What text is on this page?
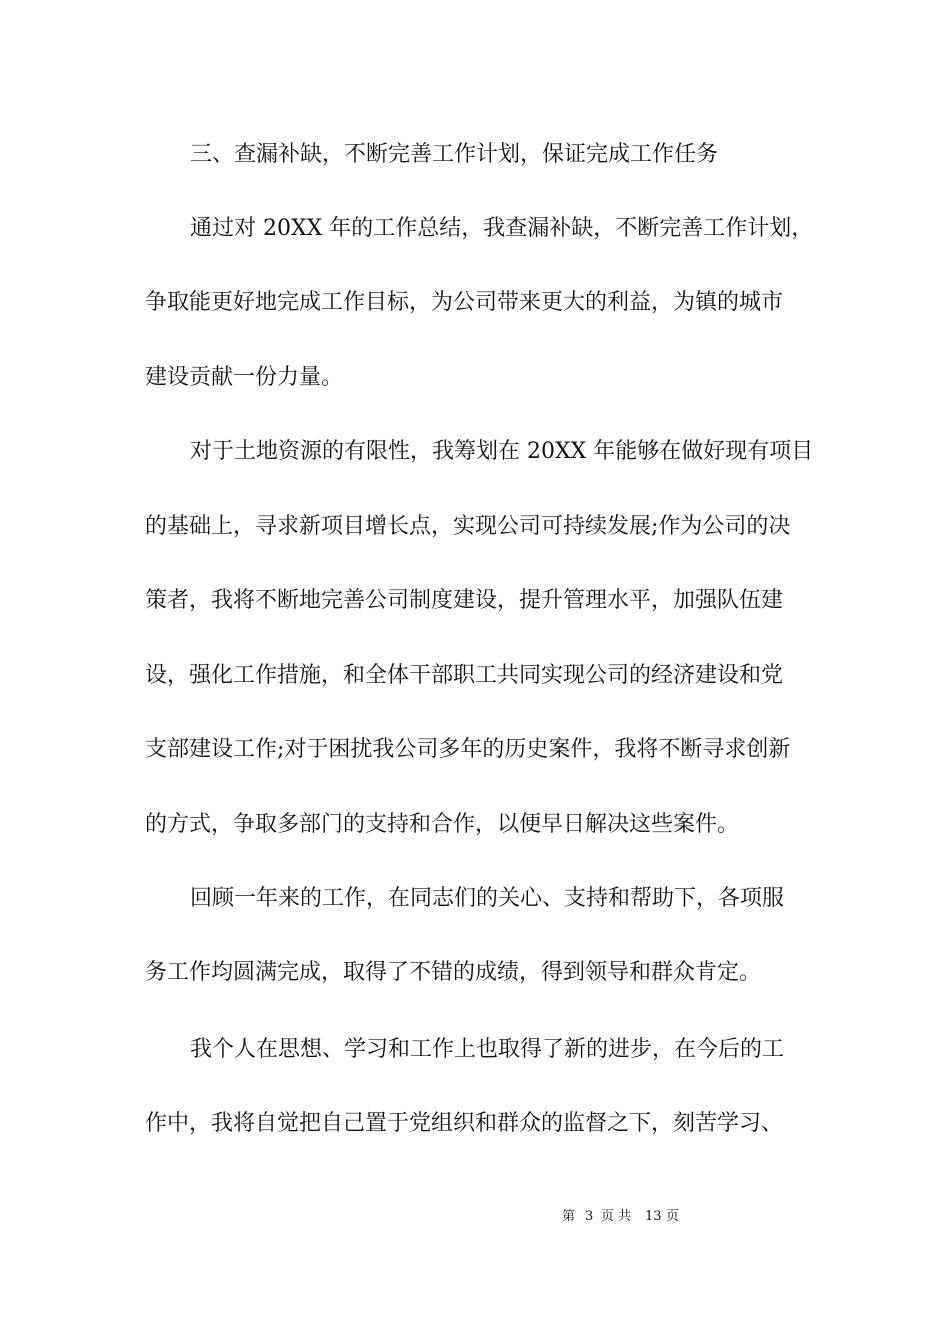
三、查漏补缺，不断完善工作计划，保证完成工作任务
通过对 20XX 年的工作总结，我查漏补缺，不断完善工作计划，
争取能更好地完成工作目标，为公司带来更大的利益，为镇的城市
建设贡献一份力量。
对于土地资源的有限性，我筹划在 20XX 年能够在做好现有项目
的基础上，寻求新项目增长点，实现公司可持续发展;作为公司的决
策者，我将不断地完善公司制度建设，提升管理水平，加强队伍建
设，强化工作措施，和全体干部职工共同实现公司的经济建设和党
支部建设工作;对于困扰我公司多年的历史案件，我将不断寻求创新
的方式，争取多部门的支持和合作，以便早日解决这些案件。
回顾一年来的工作，在同志们的关心、支持和帮助下，各项服
务工作均圆满完成，取得了不错的成绩，得到领导和群众肯定。
我个人在思想、学习和工作上也取得了新的进步，在今后的工
作中，我将自觉把自己置于党组织和群众的监督之下，刻苦学习、
第 3 页 共 13 页
